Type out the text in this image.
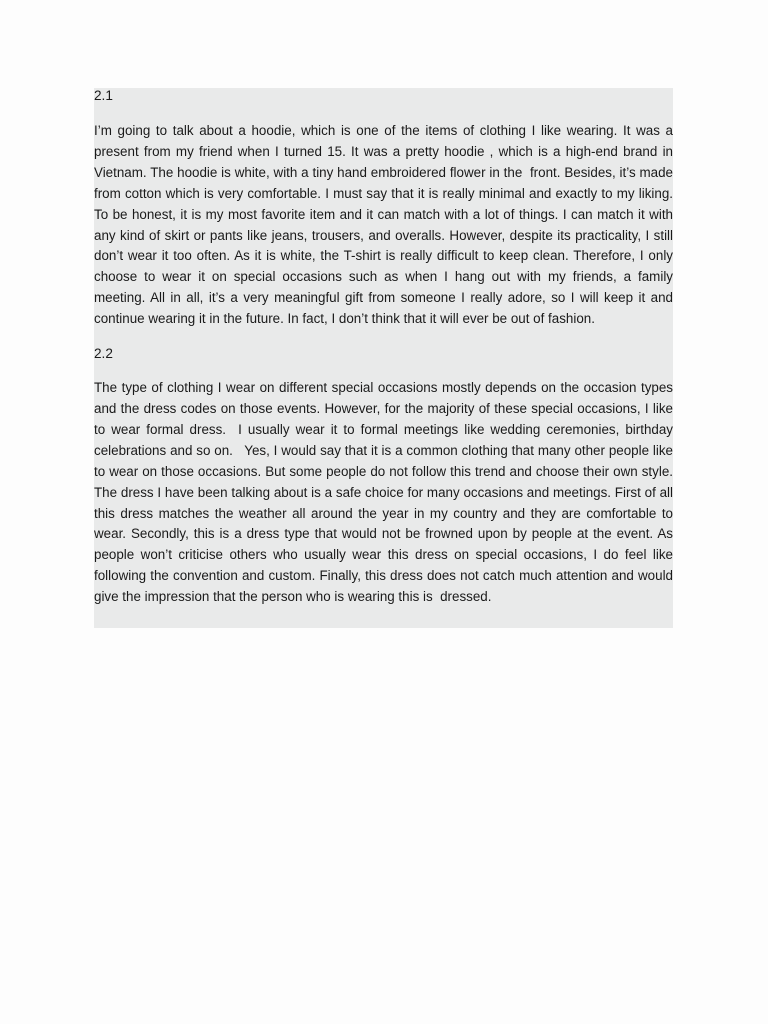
2.1

I’m going to talk about a hoodie, which is one of the items of clothing I like wearing. It was a present from my friend when I turned 15. It was a pretty hoodie , which is a high-end brand in Vietnam. The hoodie is white, with a tiny hand embroidered flower in the  front. Besides, it’s made from cotton which is very comfortable. I must say that it is really minimal and exactly to my liking. To be honest, it is my most favorite item and it can match with a lot of things. I can match it with any kind of skirt or pants like jeans, trousers, and overalls. However, despite its practicality, I still don’t wear it too often. As it is white, the T-shirt is really difficult to keep clean. Therefore, I only choose to wear it on special occasions such as when I hang out with my friends, a family meeting. All in all, it’s a very meaningful gift from someone I really adore, so I will keep it and continue wearing it in the future. In fact, I don’t think that it will ever be out of fashion.

2.2

The type of clothing I wear on different special occasions mostly depends on the occasion types and the dress codes on those events. However, for the majority of these special occasions, I like to wear formal dress.  I usually wear it to formal meetings like wedding ceremonies, birthday celebrations and so on.   Yes, I would say that it is a common clothing that many other people like to wear on those occasions. But some people do not follow this trend and choose their own style. The dress I have been talking about is a safe choice for many occasions and meetings. First of all this dress matches the weather all around the year in my country and they are comfortable to wear. Secondly, this is a dress type that would not be frowned upon by people at the event. As people won’t criticise others who usually wear this dress on special occasions, I do feel like following the convention and custom. Finally, this dress does not catch much attention and would give the impression that the person who is wearing this is  dressed.
